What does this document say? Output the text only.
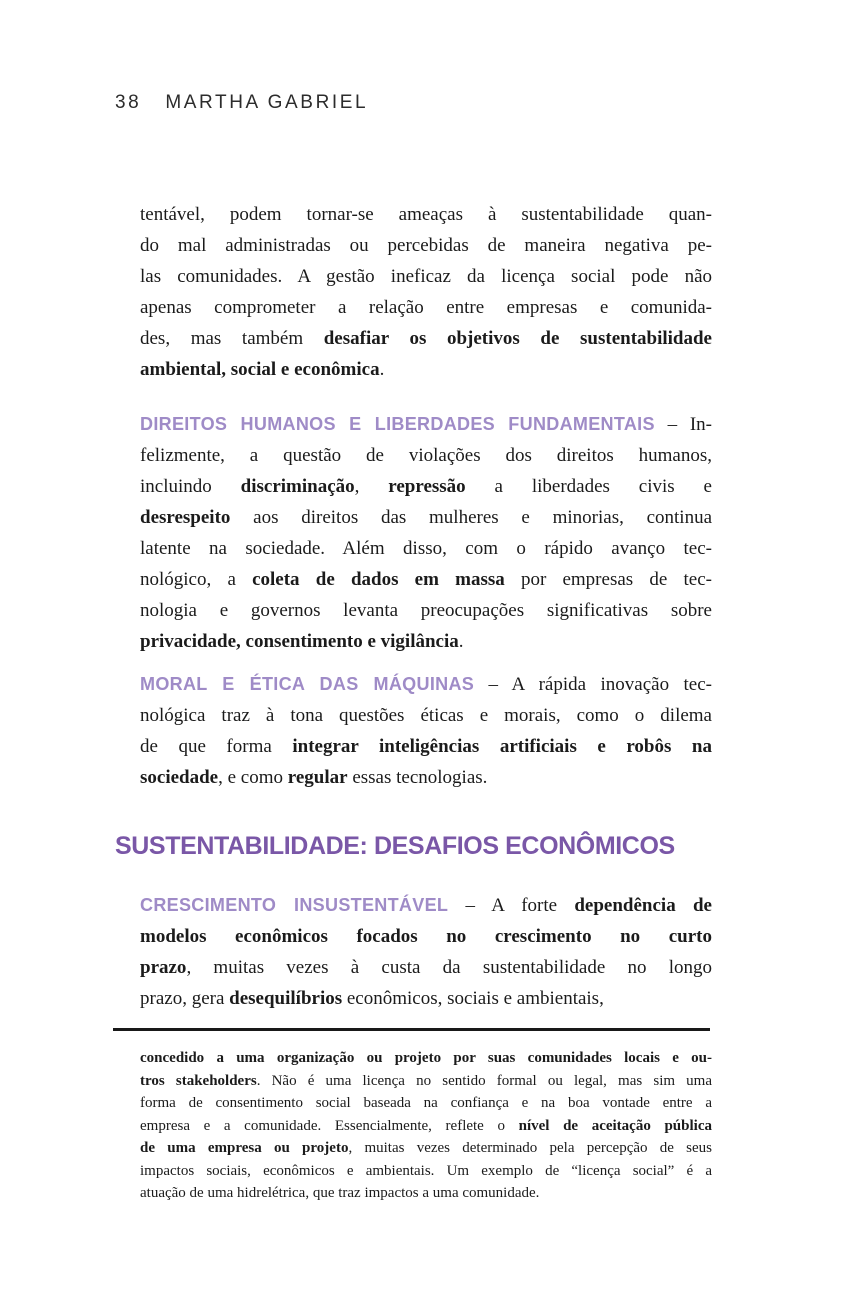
38 MARTHA GABRIEL
tentável, podem tornar-se ameaças à sustentabilidade quan-
do mal administradas ou percebidas de maneira negativa pe-
las comunidades. A gestão ineficaz da licença social pode não
apenas comprometer a relação entre empresas e comunida-
des, mas também desafiar os objetivos de sustentabilidade
ambiental, social e econômica.
DIREITOS HUMANOS E LIBERDADES FUNDAMENTAIS – In-
felizmente, a questão de violações dos direitos humanos,
incluindo discriminação, repressão a liberdades civis e
desrespeito aos direitos das mulheres e minorias, continua
latente na sociedade. Além disso, com o rápido avanço tec-
nológico, a coleta de dados em massa por empresas de tec-
nologia e governos levanta preocupações significativas sobre
privacidade, consentimento e vigilância.
MORAL E ÉTICA DAS MÁQUINAS – A rápida inovação tec-
nológica traz à tona questões éticas e morais, como o dilema
de que forma integrar inteligências artificiais e robôs na
sociedade, e como regular essas tecnologias.
SUSTENTABILIDADE: DESAFIOS ECONÔMICOS
CRESCIMENTO INSUSTENTÁVEL – A forte dependência de
modelos econômicos focados no crescimento no curto
prazo, muitas vezes à custa da sustentabilidade no longo
prazo, gera desequilíbrios econômicos, sociais e ambientais,
concedido a uma organização ou projeto por suas comunidades locais e ou-
tros stakeholders. Não é uma licença no sentido formal ou legal, mas sim uma
forma de consentimento social baseada na confiança e na boa vontade entre a
empresa e a comunidade. Essencialmente, reflete o nível de aceitação pública
de uma empresa ou projeto, muitas vezes determinado pela percepção de seus
impactos sociais, econômicos e ambientais. Um exemplo de “licença social” é a
atuação de uma hidrelétrica, que traz impactos a uma comunidade.
